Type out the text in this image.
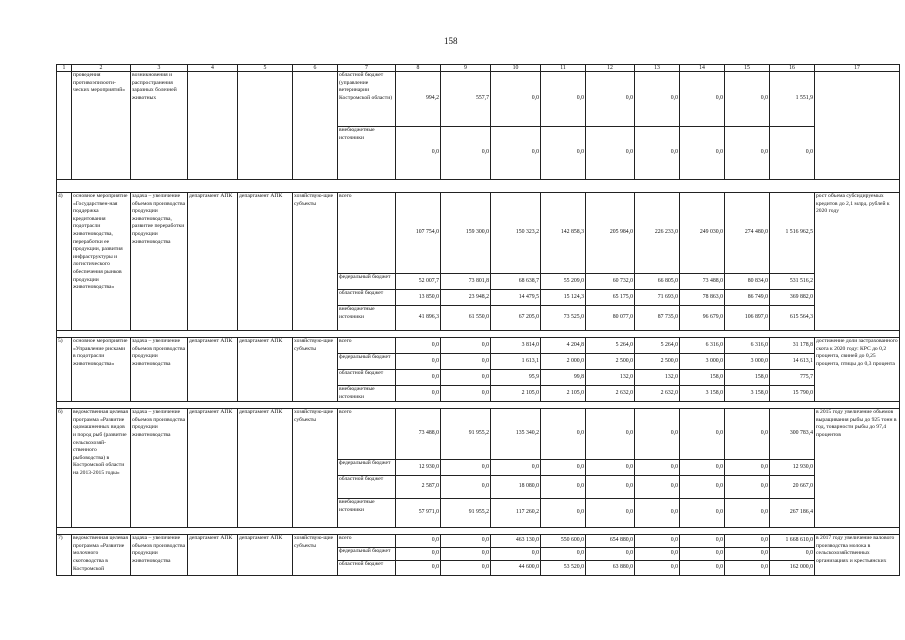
158
1	2	3	4	5	6	7	8	9	10	11	12	13	14	15	16	17
	проведения противоэпизооти-ческих мероприятий»	возникновения и распространения заразных болезней животных				областной бюджет (управление ветеринарии Костромской области)	994,2	557,7	0,0	0,0	0,0	0,0	0,0	0,0	1 551,9	
						внебюджетные источники	0,0	0,0	0,0	0,0	0,0	0,0	0,0	0,0	0,0	

4)	основное мероприятие «Государствен-ная поддержка кредитования подотрасли животноводства, переработки ее продукции, развития инфраструктуры и логистического обеспечения рынков продукции животноводства»	задача – увеличение объемов производства продукции животноводства, развитие переработки продукции животноводства	департамент АПК	департамент АПК	хозяйствую-щие субъекты	всего	107 754,0	159 300,0	150 323,2	142 858,3	205 984,0	226 233,0	249 030,0	274 480,0	1 516 962,5	рост объема субсидируемых кредитов до 2,1 млрд. рублей к 2020 году
						федеральный бюджет	52 007,7	73 801,8	68 638,7	55 209,0	60 732,0	66 805,0	73 488,0	80 834,0	531 516,2	
						областной бюджет	13 850,0	23 948,2	14 479,5	15 124,3	65 175,0	71 693,0	78 863,0	86 749,0	369 882,0	
						внебюджетные источники	41 896,3	61 550,0	67 205,0	73 525,0	80 077,0	87 735,0	96 679,0	106 897,0	615 564,3	

5)	основное мероприятие «Управление рисками в подотрасли животноводства»	задача – увеличение объемов производства продукции животноводства	департамент АПК	департамент АПК	хозяйствую-щие субъекты	всего	0,0	0,0	3 814,0	4 204,8	5 264,0	5 264,0	6 316,0	6 316,0	31 178,8	достижение доли застрахованного скота к 2020 году: КРС до 0,2 процента, свиней до 0,25 процента, птицы до 0,3 процента
						федеральный бюджет	0,0	0,0	1 613,1	2 000,0	2 500,0	2 500,0	3 000,0	3 000,0	14 613,1	
						областной бюджет	0,0	0,0	95,9	99,8	132,0	132,0	158,0	158,0	775,7	
						внебюджетные источники	0,0	0,0	2 105,0	2 105,0	2 632,0	2 632,0	3 158,0	3 158,0	15 790,0	

6)	ведомственная целевая программа «Развитие одомашненных видов и пород рыб (развитие сельскохозяй-ственного рыбоводства) в Костромской области на 2013-2015 годы»	задача – увеличение объемов производства продукции животноводства	департамент АПК	департамент АПК	хозяйствую-щие субъекты	всего	73 488,0	91 955,2	135 340,2	0,0	0,0	0,0	0,0	0,0	300 783,4	в 2015 году увеличение объемов выращивания рыбы до 925 тонн в год, товарности рыбы до 97,4 процентов
						федеральный бюджет	12 930,0	0,0	0,0	0,0	0,0	0,0	0,0	0,0	12 930,0	
						областной бюджет	2 587,0	0,0	18 080,0	0,0	0,0	0,0	0,0	0,0	20 667,0	
						внебюджетные источники	57 971,0	91 955,2	117 260,2	0,0	0,0	0,0	0,0	0,0	267 186,4	

7)	ведомственная целевая программа «Развитие молочного скотоводства в Костромской	задача – увеличение объемов производства продукции животноводства	департамент АПК	департамент АПК	хозяйствую-щие субъекты	всего	0,0	0,0	463 130,0	550 600,0	654 880,0	0,0	0,0	0,0	1 668 610,0	в 2017 году увеличение валового производства молока в сельскохозяйственных организациях и крестьянских
						федеральный бюджет	0,0	0,0	0,0	0,0	0,0	0,0	0,0	0,0	0,0	
						областной бюджет	0,0	0,0	44 600,0	53 520,0	63 880,0	0,0	0,0	0,0	162 000,0	
